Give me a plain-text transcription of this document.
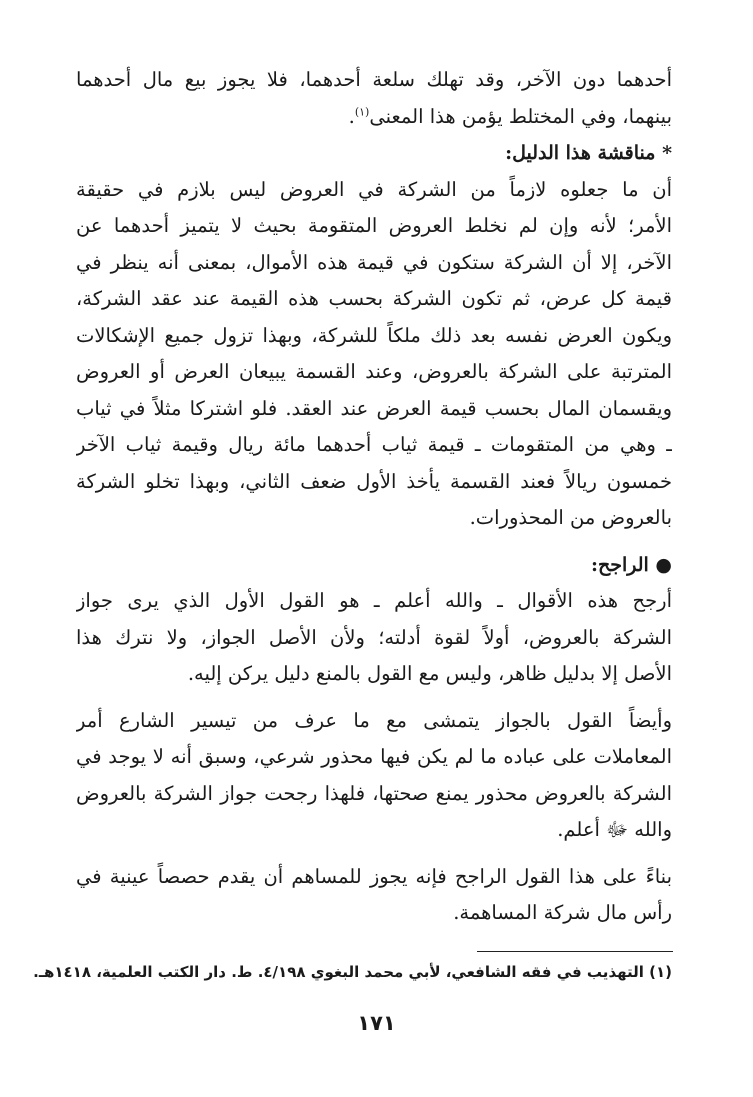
أحدهما دون الآخر، وقد تهلك سلعة أحدهما، فلا يجوز بيع مال أحدهما
بينهما، وفي المختلط يؤمن هذا المعنى$^{(١)}$.
* مناقشة هذا الدليل:
أن ما جعلوه لازماً من الشركة في العروض ليس بلازم في حقيقة
الأمر؛ لأنه وإن لم نخلط العروض المتقومة بحيث لا يتميز أحدهما عن
الآخر، إلا أن الشركة ستكون في قيمة هذه الأموال، بمعنى أنه ينظر في
قيمة كل عرض، ثم تكون الشركة بحسب هذه القيمة عند عقد الشركة،
ويكون العرض نفسه بعد ذلك ملكاً للشركة، وبهذا تزول جميع الإشكالات
المترتبة على الشركة بالعروض، وعند القسمة يبيعان العرض أو العروض
ويقسمان المال بحسب قيمة العرض عند العقد. فلو اشتركا مثلاً في ثياب
ـ وهي من المتقومات ـ قيمة ثياب أحدهما مائة ريال وقيمة ثياب الآخر
خمسون ريالاً فعند القسمة يأخذ الأول ضعف الثاني، وبهذا تخلو الشركة
بالعروض من المحذورات.
● الراجح:
أرجح هذه الأقوال ـ والله أعلم ـ هو القول الأول الذي يرى جواز
الشركة بالعروض، أولاً لقوة أدلته؛ ولأن الأصل الجواز، ولا نترك هذا
الأصل إلا بدليل ظاهر، وليس مع القول بالمنع دليل يركن إليه.
وأيضاً القول بالجواز يتمشى مع ما عرف من تيسير الشارع أمر
المعاملات على عباده ما لم يكن فيها محذور شرعي، وسبق أنه لا يوجد في
الشركة بالعروض محذور يمنع صحتها، فلهذا رجحت جواز الشركة بالعروض
والله ﷻ أعلم.
بناءً على هذا القول الراجح فإنه يجوز للمساهم أن يقدم حصصاً عينية في
رأس مال شركة المساهمة.
(١) التهذيب في فقه الشافعي، لأبي محمد البغوي ٤/١٩٨. ط. دار الكتب العلمية، ١٤١٨هـ.
١٧١
